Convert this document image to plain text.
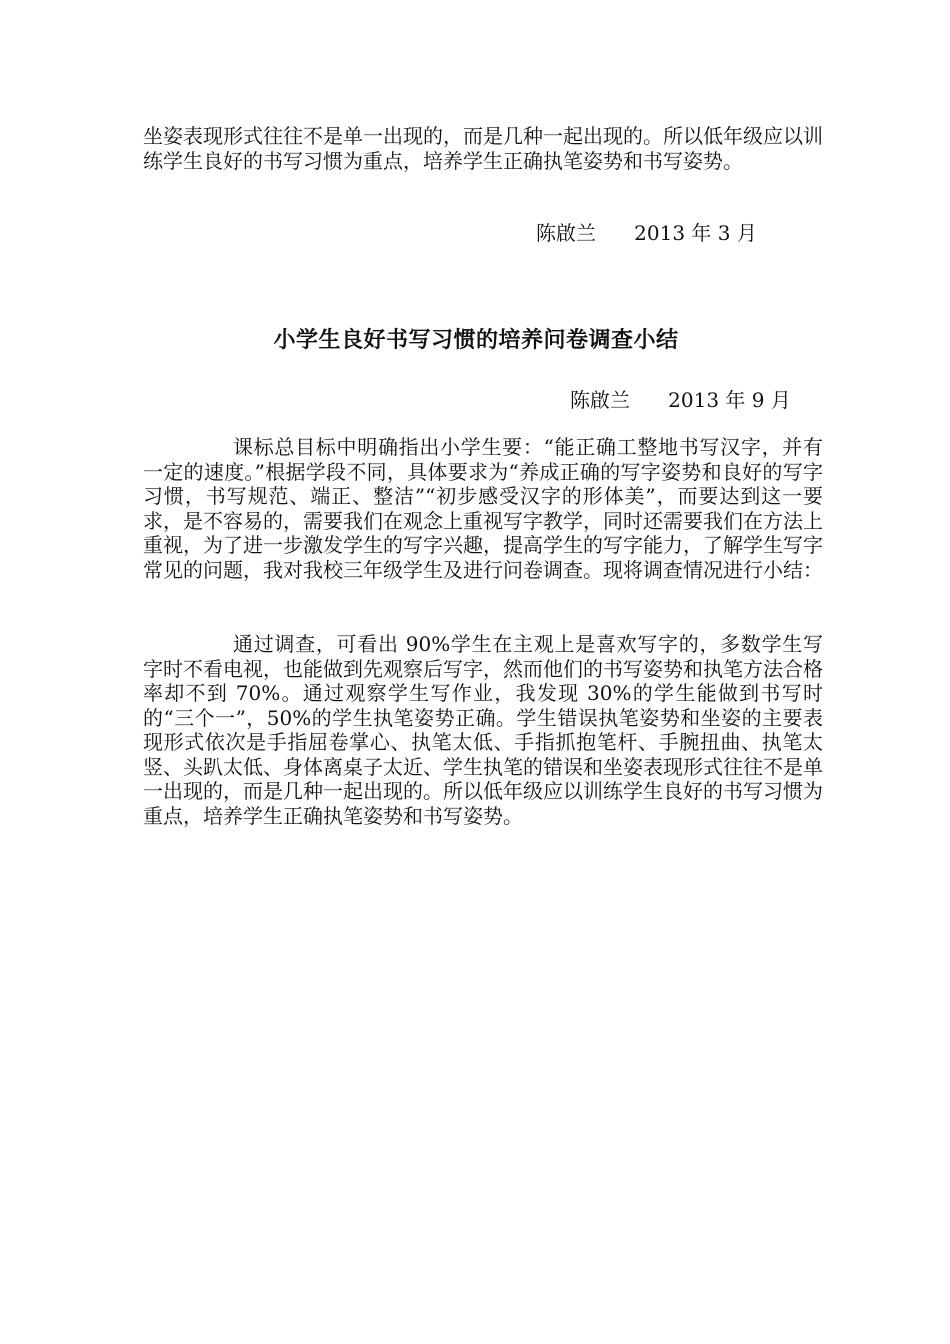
坐姿表现形式往往不是单一出现的，而是几种一起出现的。所以低年级应以训练学生良好的书写习惯为重点，培养学生正确执笔姿势和书写姿势。

陈啟兰 2013 年 3 月
小学生良好书写习惯的培养问卷调查小结
陈啟兰 2013 年 9 月

课标总目标中明确指出小学生要：“能正确工整地书写汉字，并有一定的速度。”根据学段不同，具体要求为“养成正确的写字姿势和良好的写字习惯，书写规范、端正、整洁”“初步感受汉字的形体美”，而要达到这一要求，是不容易的，需要我们在观念上重视写字教学，同时还需要我们在方法上重视，为了进一步激发学生的写字兴趣，提高学生的写字能力，了解学生写字常见的问题，我对我校三年级学生及进行问卷调查。现将调查情况进行小结：

通过调查，可看出 90%学生在主观上是喜欢写字的，多数学生写字时不看电视，也能做到先观察后写字，然而他们的书写姿势和执笔方法合格率却不到 70%。通过观察学生写作业，我发现 30%的学生能做到书写时的“三个一”，50%的学生执笔姿势正确。学生错误执笔姿势和坐姿的主要表现形式依次是手指屈卷掌心、执笔太低、手指抓抱笔杆、手腕扭曲、执笔太竖、头趴太低、身体离桌子太近、学生执笔的错误和坐姿表现形式往往不是单一出现的，而是几种一起出现的。所以低年级应以训练学生良好的书写习惯为重点，培养学生正确执笔姿势和书写姿势。
